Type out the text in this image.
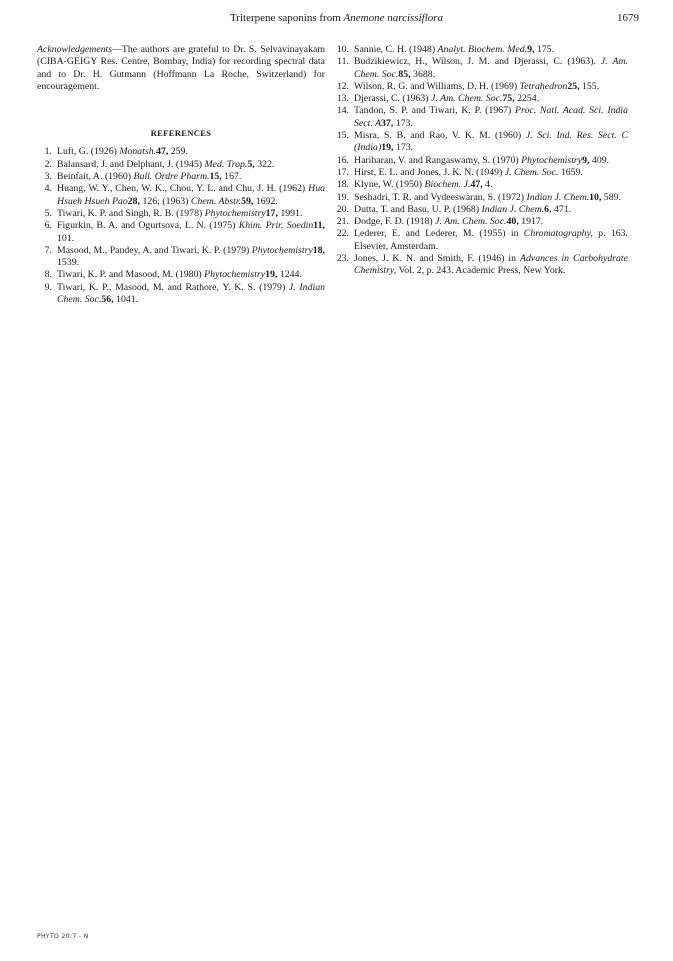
Triterpene saponins from Anemone narcissiflora	1679

Acknowledgements—The authors are grateful to Dr. S. Selvavinayakam (CIBA-GEIGY Res. Centre, Bombay, India) for recording spectral data and to Dr. H. Gutmann (Hoffmann La Roche, Switzerland) for encouragement.

REFERENCES
1. Luft, G. (1926) Monatsh.47, 259.
2. Balansard, J. and Delphant, J. (1945) Med. Trop.5, 322.
3. Beinfait, A. (1960) Bull. Ordre Pharm.15, 167.
4. Huang, W. Y., Chen, W. K., Chou, Y. L. and Chu, J. H. (1962) Hua Hsueh Hsueh Pao28, 126; (1963) Chem. Abstr.59, 1692.
5. Tiwari, K. P. and Singh, R. B. (1978) Phytochemistry17, 1991.
6. Figurkin, B. A. and Ogurtsova, L. N. (1975) Khim. Prir. Soedin11, 101.
7. Masood, M., Pandey, A. and Tiwari, K. P. (1979) Phytochemistry18, 1539.
8. Tiwari, K. P. and Masood, M. (1980) Phytochemistry19, 1244.
9. Tiwari, K. P., Masood, M. and Rathore, Y. K. S. (1979) J. Indian Chem. Soc.56, 1041.
10. Sannie, C. H. (1948) Analyt. Biochem. Med.9, 175.
11. Budzikiewicz, H., Wilson, J. M. and Djerassi, C. (1963). J. Am. Chem. Soc.85, 3688.
12. Wilson, R. G. and Williams, D. H. (1969) Tetrahedron25, 155.
13. Djerassi, C. (1963) J. Am. Chem. Soc.75, 2254.
14. Tandon, S. P. and Tiwari, K. P. (1967) Proc. Natl. Acad. Sci. India Sect. A37, 173.
15. Misra, S. B. and Rao, V. K. M. (1960) J. Sci. Ind. Res. Sect. C (India)19, 173.
16. Hariharan, V. and Rangaswamy, S. (1970) Phytochemistry9, 409.
17. Hirst, E. L. and Jones, J. K. N. (1949) J. Chem. Soc. 1659.
18. Klyne, W. (1950) Biochem. J.47, 4.
19. Seshadri, T. R. and Vydeeswaran, S. (1972) Indian J. Chem.10, 589.
20. Dutta, T. and Basu, U. P. (1968) Indian J. Chem.6, 471.
21. Dodge, F. D. (1918) J. Am. Chem. Soc.40, 1917.
22. Lederer, E. and Lederer, M. (1955) in Chromatography, p. 163. Elsevier, Amsterdam.
23. Jones, J. K. N. and Smith, F. (1946) in Advances in Carbohydrate Chemistry, Vol. 2, p. 243. Academic Press, New York.
PHYTO 20:7 - N
